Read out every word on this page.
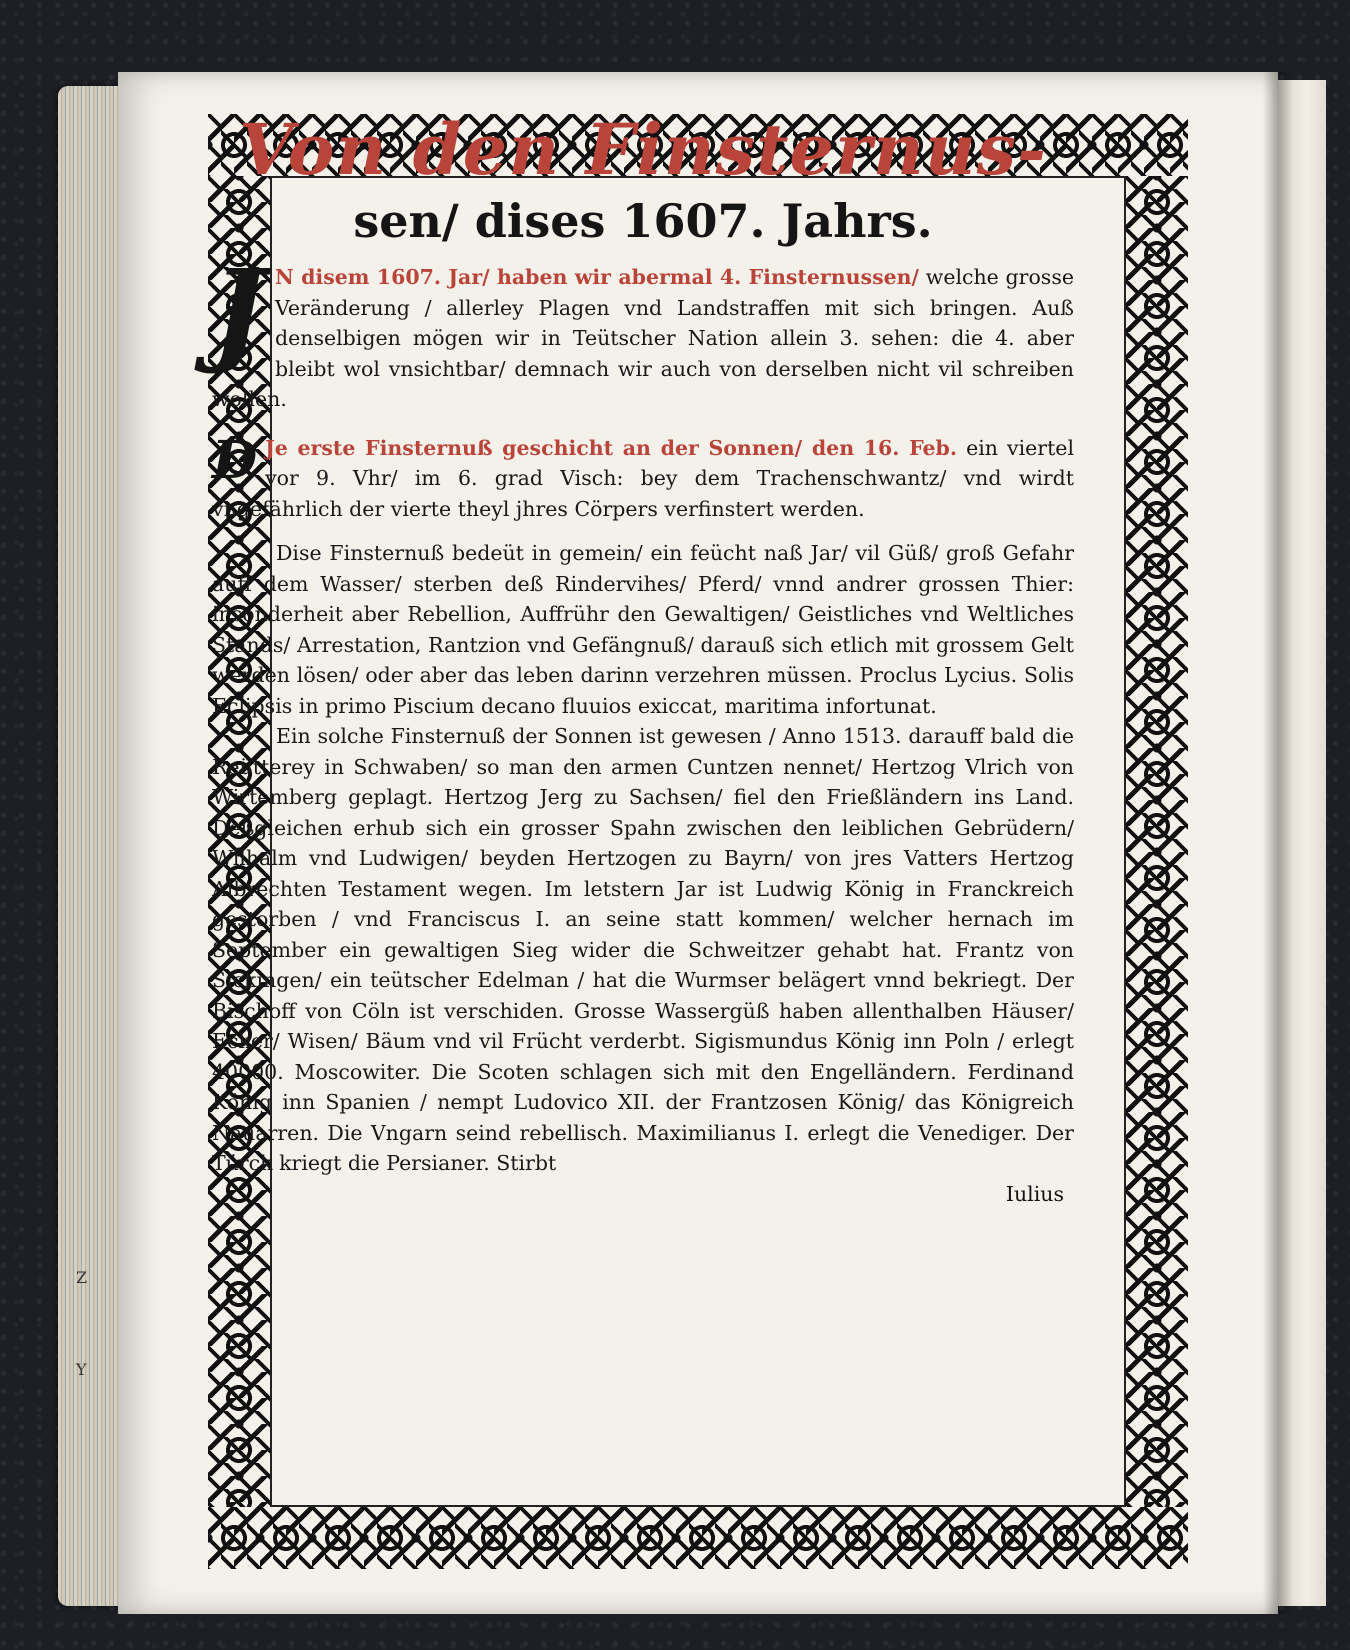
Z
Y
Von den Finsternus-
sen/ dises 1607. Jahrs.

J N disem 1607. Jar/ haben wir abermal 4. Finsternussen/ welche grosse Veränderung / allerley Plagen vnd Landstraffen mit sich bringen. Auß denselbigen mögen wir in Teütscher Nation allein 3. sehen: die 4. aber bleibt wol vnsichtbar/ demnach wir auch von derselben nicht vil schreiben wollen.

D Je erste Finsternuß geschicht an der Sonnen/ den 16. Feb. ein viertel vor 9. Vhr/ im 6. grad Visch: bey dem Trachenschwantz/ vnd wirdt vngefährlich der vierte theyl jhres Cörpers verfinstert werden.

Dise Finsternuß bedeüt in gemein/ ein feücht naß Jar/ vil Güß/ groß Gefahr auff dem Wasser/ sterben deß Rindervihes/ Pferd/ vnnd andrer grossen Thier: insonderheit aber Rebellion, Auffrühr den Gewaltigen/ Geistliches vnd Weltliches Stands/ Arrestation, Rantzion vnd Gefängnuß/ darauß sich etlich mit grossem Gelt werden lösen/ oder aber das leben darinn verzehren müssen. Proclus Lycius. Solis Eclipsis in primo Piscium decano fluuios exiccat, maritima infortunat.

Ein solche Finsternuß der Sonnen ist gewesen / Anno 1513. darauff bald die Reütterey in Schwaben/ so man den armen Cuntzen nennet/ Hertzog Vlrich von Wirtemberg geplagt. Hertzog Jerg zu Sachsen/ fiel den Frießländern ins Land. Deßgleichen erhub sich ein grosser Spahn zwischen den leiblichen Gebrüdern/ Wilhalm vnd Ludwigen/ beyden Hertzogen zu Bayrn/ von jres Vatters Hertzog Albrechten Testament wegen. Im letstern Jar ist Ludwig König in Franckreich gestorben / vnd Franciscus I. an seine statt kommen/ welcher hernach im September ein gewaltigen Sieg wider die Schweitzer gehabt hat. Frantz von Sickingen/ ein teütscher Edelman / hat die Wurmser belägert vnnd bekriegt. Der Bischoff von Cöln ist verschiden. Grosse Wassergüß haben allenthalben Häuser/ Ecker/ Wisen/ Bäum vnd vil Frücht verderbt. Sigismundus König inn Poln / erlegt 40000. Moscowiter. Die Scoten schlagen sich mit den Engelländern. Ferdinand König inn Spanien / nempt Ludovico XII. der Frantzosen König/ das Königreich Nauarren. Die Vngarn seind rebellisch. Maximilianus I. erlegt die Venediger. Der Türck kriegt die Persianer. Stirbt

Iulius
